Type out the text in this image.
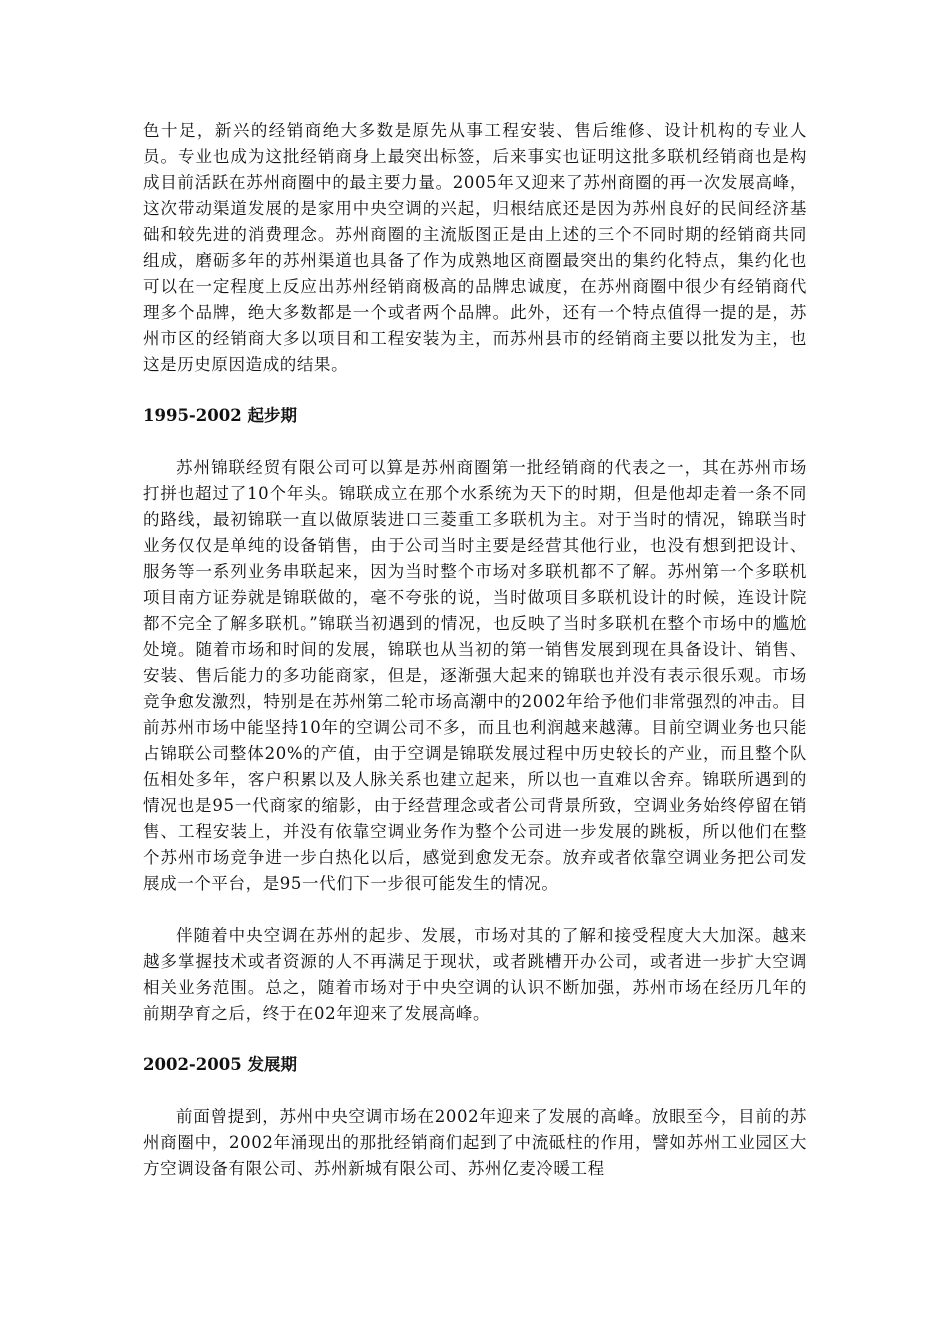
色十足，新兴的经销商绝大多数是原先从事工程安装、售后维修、设计机构的专业人员。专业也成为这批经销商身上最突出标签，后来事实也证明这批多联机经销商也是构成目前活跃在苏州商圈中的最主要力量。2005年又迎来了苏州商圈的再一次发展高峰，这次带动渠道发展的是家用中央空调的兴起，归根结底还是因为苏州良好的民间经济基础和较先进的消费理念。苏州商圈的主流版图正是由上述的三个不同时期的经销商共同组成，磨砺多年的苏州渠道也具备了作为成熟地区商圈最突出的集约化特点，集约化也可以在一定程度上反应出苏州经销商极高的品牌忠诚度，在苏州商圈中很少有经销商代理多个品牌，绝大多数都是一个或者两个品牌。此外，还有一个特点值得一提的是，苏州市区的经销商大多以项目和工程安装为主，而苏州县市的经销商主要以批发为主，也这是历史原因造成的结果。

1995-2002 起步期

苏州锦联经贸有限公司可以算是苏州商圈第一批经销商的代表之一，其在苏州市场打拼也超过了10个年头。锦联成立在那个水系统为天下的时期，但是他却走着一条不同的路线，最初锦联一直以做原装进口三菱重工多联机为主。对于当时的情况，锦联当时业务仅仅是单纯的设备销售，由于公司当时主要是经营其他行业，也没有想到把设计、服务等一系列业务串联起来，因为当时整个市场对多联机都不了解。苏州第一个多联机项目南方证券就是锦联做的，毫不夸张的说，当时做项目多联机设计的时候，连设计院都不完全了解多联机。”锦联当初遇到的情况，也反映了当时多联机在整个市场中的尴尬处境。随着市场和时间的发展，锦联也从当初的第一销售发展到现在具备设计、销售、安装、售后能力的多功能商家，但是，逐渐强大起来的锦联也并没有表示很乐观。市场竞争愈发激烈，特别是在苏州第二轮市场高潮中的2002年给予他们非常强烈的冲击。目前苏州市场中能坚持10年的空调公司不多，而且也利润越来越薄。目前空调业务也只能占锦联公司整体20%的产值，由于空调是锦联发展过程中历史较长的产业，而且整个队伍相处多年，客户积累以及人脉关系也建立起来，所以也一直难以舍弃。锦联所遇到的情况也是95一代商家的缩影，由于经营理念或者公司背景所致，空调业务始终停留在销售、工程安装上，并没有依靠空调业务作为整个公司进一步发展的跳板，所以他们在整个苏州市场竞争进一步白热化以后，感觉到愈发无奈。放弃或者依靠空调业务把公司发展成一个平台，是95一代们下一步很可能发生的情况。

伴随着中央空调在苏州的起步、发展，市场对其的了解和接受程度大大加深。越来越多掌握技术或者资源的人不再满足于现状，或者跳槽开办公司，或者进一步扩大空调相关业务范围。总之，随着市场对于中央空调的认识不断加强，苏州市场在经历几年的前期孕育之后，终于在02年迎来了发展高峰。

2002-2005 发展期

前面曾提到，苏州中央空调市场在2002年迎来了发展的高峰。放眼至今，目前的苏州商圈中，2002年涌现出的那批经销商们起到了中流砥柱的作用，譬如苏州工业园区大方空调设备有限公司、苏州新城有限公司、苏州亿麦冷暖工程
